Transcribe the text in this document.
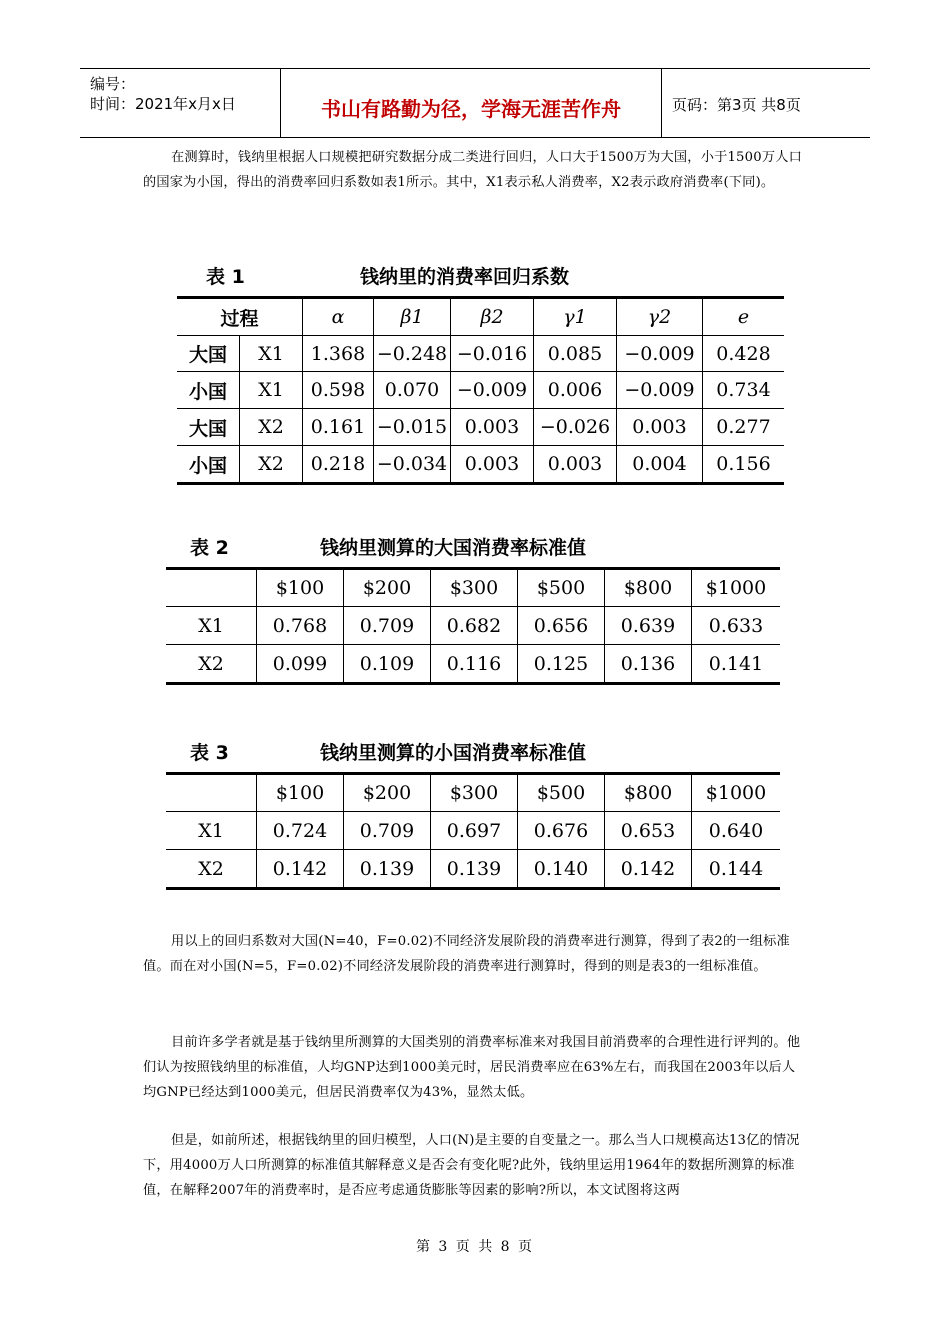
编号：
时间：2021年x月x日	书山有路勤为径，学海无涯苦作舟	页码：第3页 共8页

在测算时，钱纳里根据人口规模把研究数据分成二类进行回归，人口大于1500万为大国，小于1500万人口的国家为小国，得出的消费率回归系数如表1所示。其中，X1表示私人消费率，X2表示政府消费率(下同)。

表 1	钱纳里的消费率回归系数
过程		α	β1	β2	γ1	γ2	e
大国	X1	1.368	−0.248	−0.016	0.085	−0.009	0.428
小国	X1	0.598	0.070	−0.009	0.006	−0.009	0.734
大国	X2	0.161	−0.015	0.003	−0.026	0.003	0.277
小国	X2	0.218	−0.034	0.003	0.003	0.004	0.156
表 2	钱纳里测算的大国消费率标准值
	$100	$200	$300	$500	$800	$1000
X1	0.768	0.709	0.682	0.656	0.639	0.633
X2	0.099	0.109	0.116	0.125	0.136	0.141
表 3	钱纳里测算的小国消费率标准值
	$100	$200	$300	$500	$800	$1000
X1	0.724	0.709	0.697	0.676	0.653	0.640
X2	0.142	0.139	0.139	0.140	0.142	0.144

用以上的回归系数对大国(N=40，F=0.02)不同经济发展阶段的消费率进行测算，得到了表2的一组标准值。而在对小国(N=5，F=0.02)不同经济发展阶段的消费率进行测算时，得到的则是表3的一组标准值。

目前许多学者就是基于钱纳里所测算的大国类别的消费率标准来对我国目前消费率的合理性进行评判的。他们认为按照钱纳里的标准值，人均GNP达到1000美元时，居民消费率应在63%左右，而我国在2003年以后人均GNP已经达到1000美元，但居民消费率仅为43%，显然太低。

但是，如前所述，根据钱纳里的回归模型，人口(N)是主要的自变量之一。那么当人口规模高达13亿的情况下，用4000万人口所测算的标准值其解释意义是否会有变化呢?此外，钱纳里运用1964年的数据所测算的标准值，在解释2007年的消费率时，是否应考虑通货膨胀等因素的影响?所以，本文试图将这两

第 3 页 共 8 页
